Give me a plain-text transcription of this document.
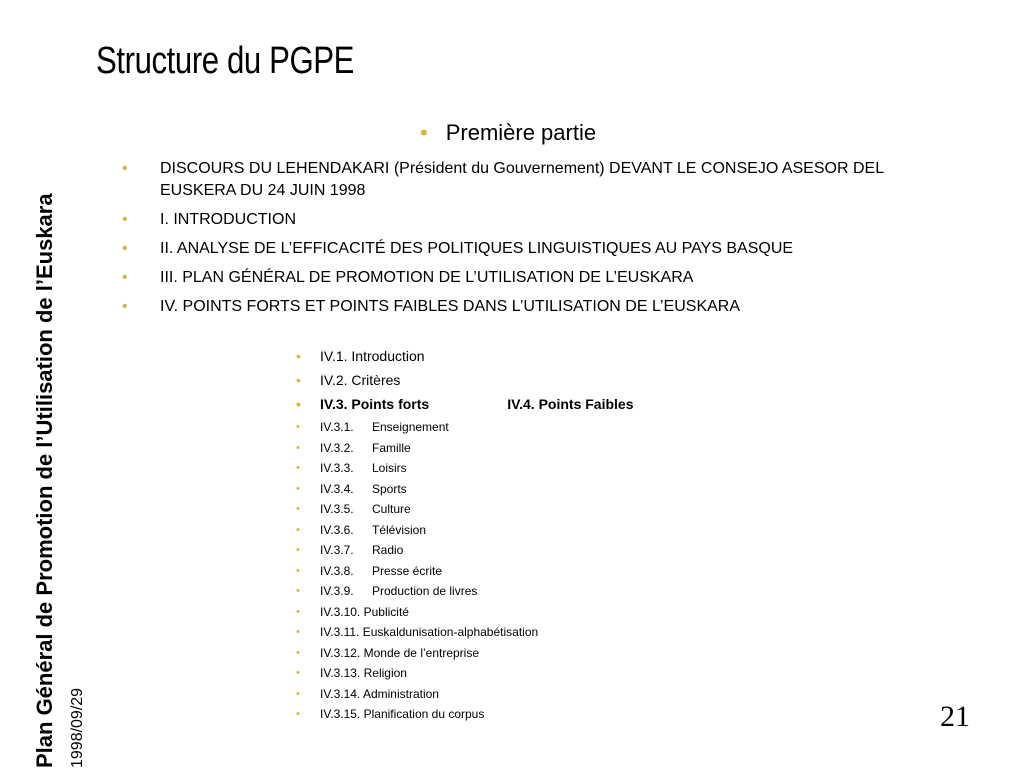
Plan Général de Promotion de l’Utilisation de l’Euskara 1998/09/29
Structure du PGPE
• Première partie
• DISCOURS DU LEHENDAKARI (Président du Gouvernement) DEVANT LE CONSEJO ASESOR DEL EUSKERA DU 24 JUIN 1998
• I. INTRODUCTION
• II. ANALYSE DE L’EFFICACITÉ DES POLITIQUES LINGUISTIQUES AU PAYS BASQUE
• III. PLAN GÉNÉRAL DE PROMOTION DE L’UTILISATION DE L’EUSKARA
• IV. POINTS FORTS ET POINTS FAIBLES DANS L’UTILISATION DE L’EUSKARA
• IV.1. Introduction
• IV.2. Critères
• IV.3. Points forts	IV.4. Points Faibles
• IV.3.1. Enseignement
• IV.3.2. Famille
• IV.3.3. Loisirs
• IV.3.4. Sports
• IV.3.5. Culture
• IV.3.6. Télévision
• IV.3.7. Radio
• IV.3.8. Presse écrite
• IV.3.9. Production de livres
• IV.3.10. Publicité
• IV.3.11. Euskaldunisation-alphabétisation
• IV.3.12. Monde de l’entreprise
• IV.3.13. Religion
• IV.3.14. Administration
• IV.3.15. Planification du corpus	21
